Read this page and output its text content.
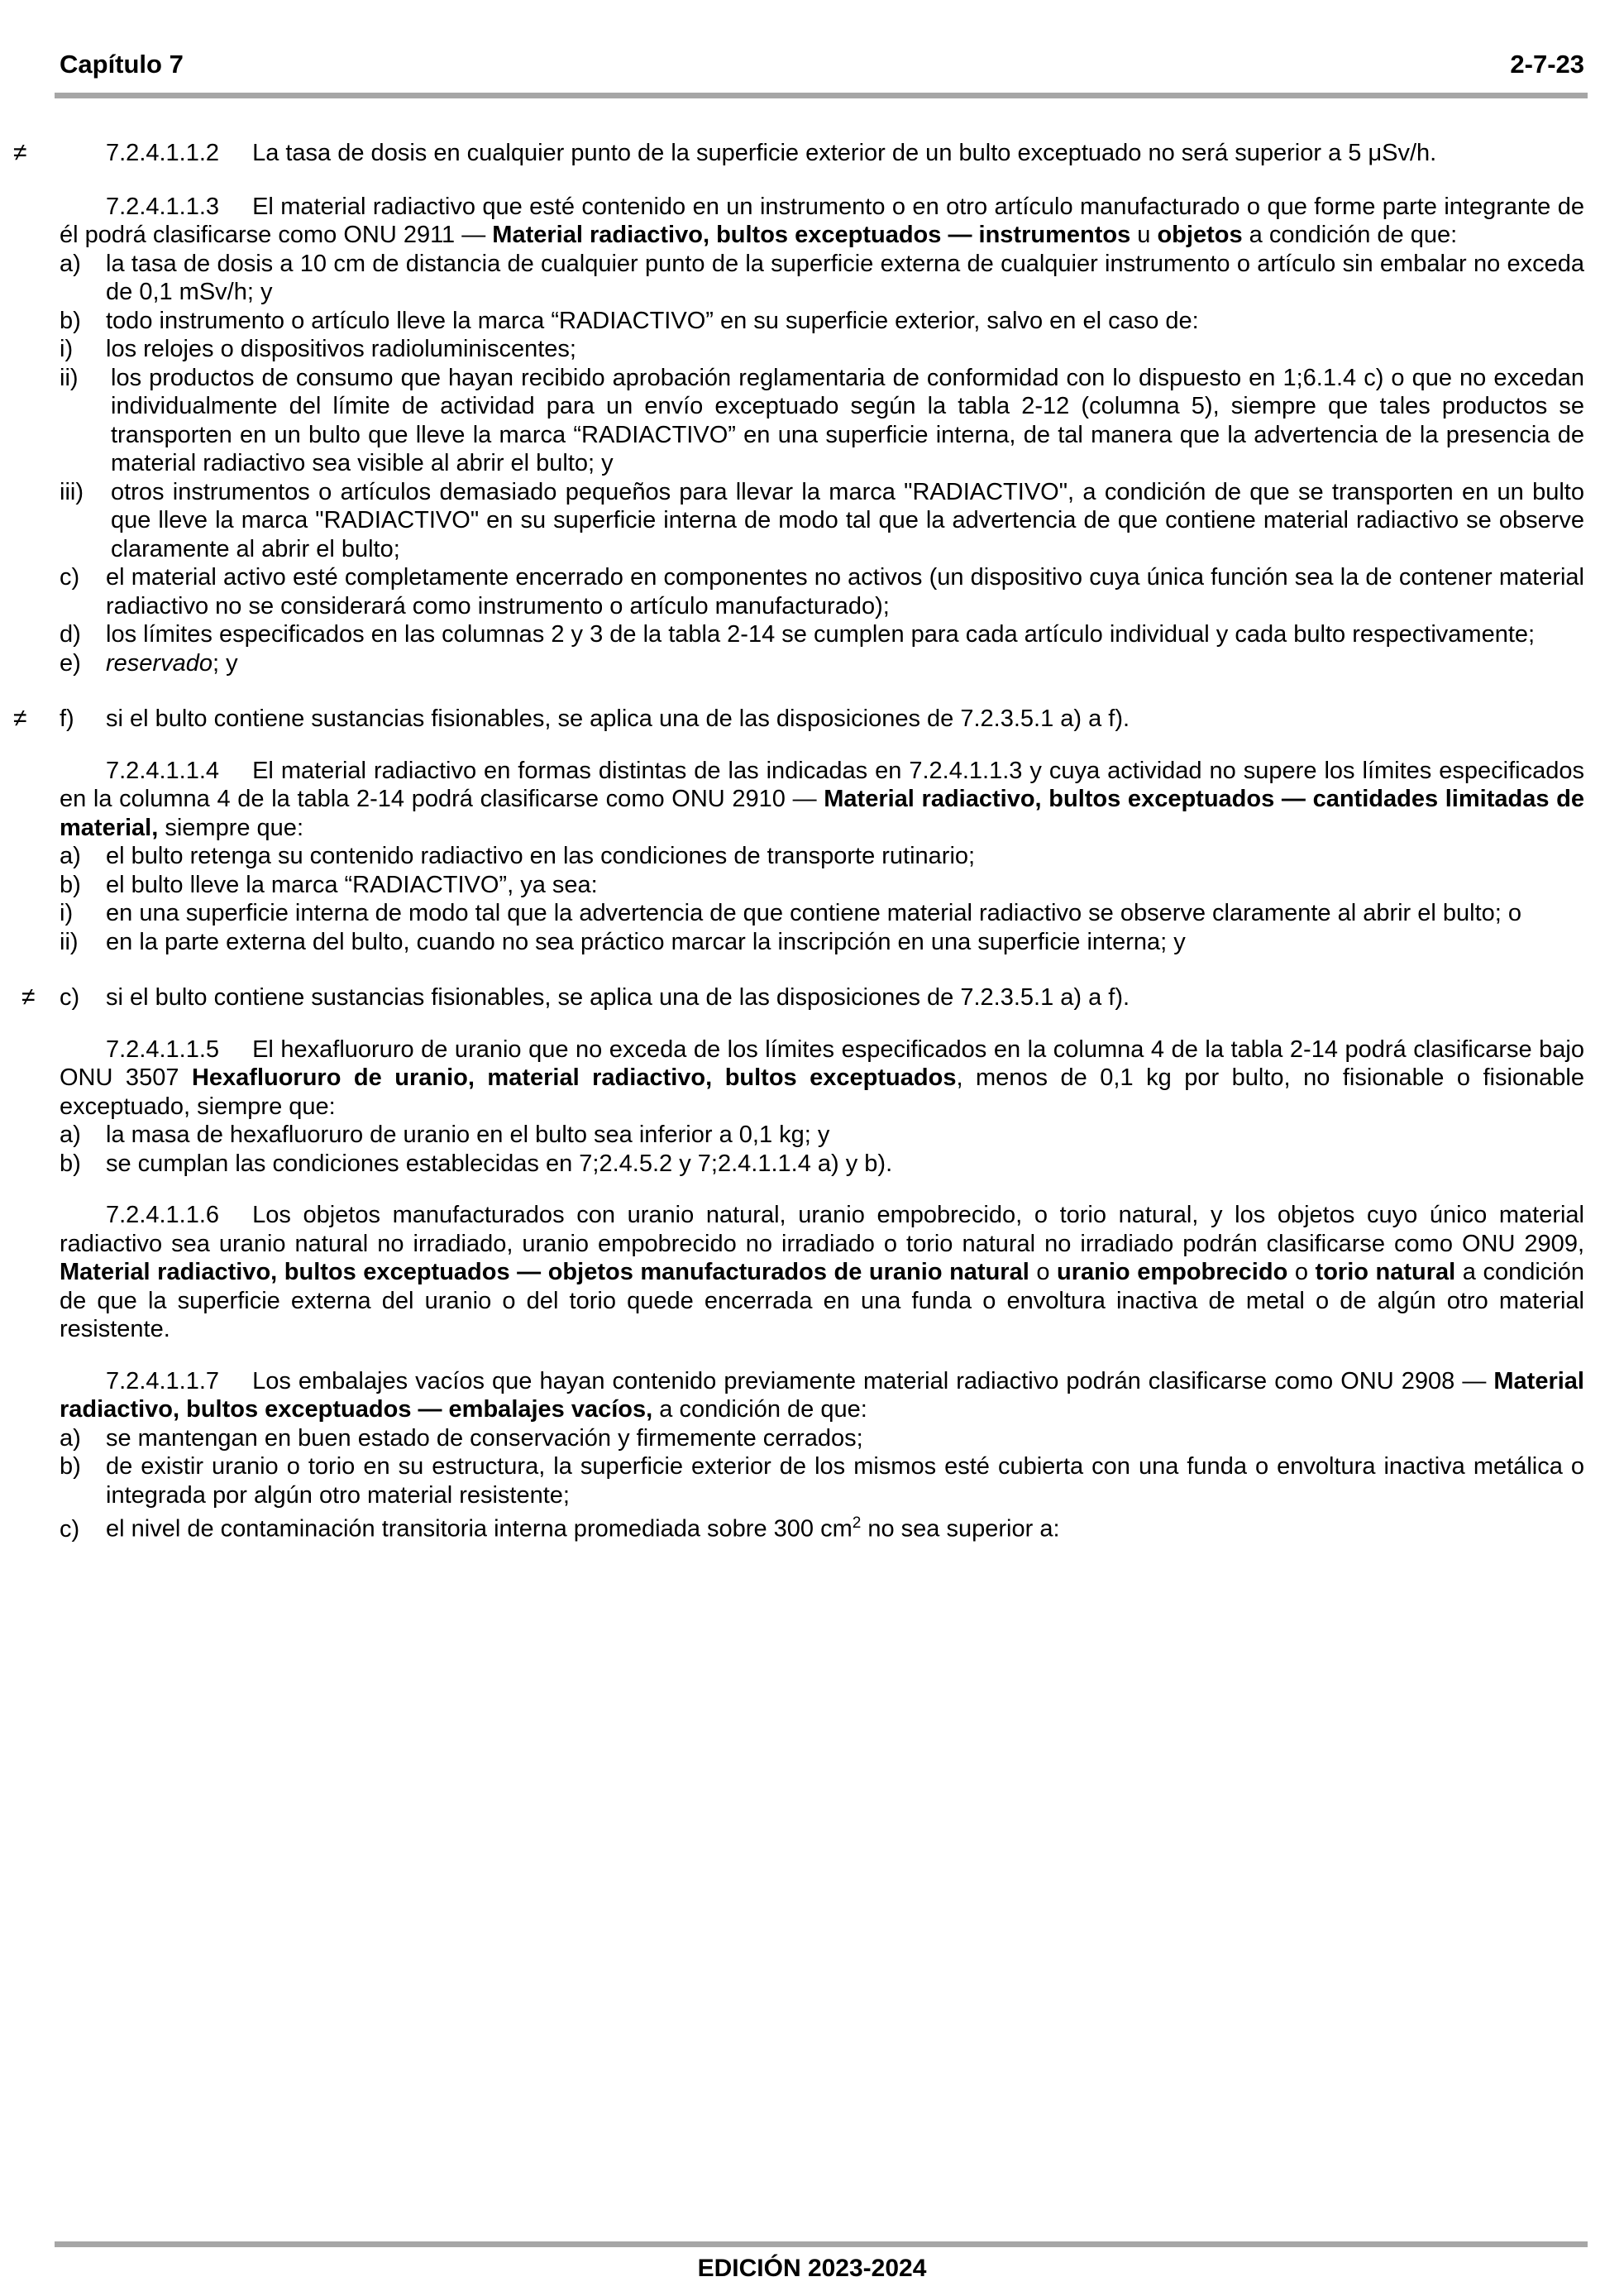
Capítulo 7	2-7-23
≠	7.2.4.1.1.2 La tasa de dosis en cualquier punto de la superficie exterior de un bulto exceptuado no será superior a 5 μSv/h.

7.2.4.1.1.3 El material radiactivo que esté contenido en un instrumento o en otro artículo manufacturado o que forme parte integrante de él podrá clasificarse como ONU 2911 — Material radiactivo, bultos exceptuados — instrumentos u objetos a condición de que:

a) la tasa de dosis a 10 cm de distancia de cualquier punto de la superficie externa de cualquier instrumento o artículo sin embalar no exceda de 0,1 mSv/h; y

b) todo instrumento o artículo lleve la marca “RADIACTIVO” en su superficie exterior, salvo en el caso de:

i) los relojes o dispositivos radioluminiscentes;

ii) los productos de consumo que hayan recibido aprobación reglamentaria de conformidad con lo dispuesto en 1;6.1.4 c) o que no excedan individualmente del límite de actividad para un envío exceptuado según la tabla 2-12 (columna 5), siempre que tales productos se transporten en un bulto que lleve la marca “RADIACTIVO” en una superficie interna, de tal manera que la advertencia de la presencia de material radiactivo sea visible al abrir el bulto; y

iii) otros instrumentos o artículos demasiado pequeños para llevar la marca "RADIACTIVO", a condición de que se transporten en un bulto que lleve la marca "RADIACTIVO" en su superficie interna de modo tal que la advertencia de que contiene material radiactivo se observe claramente al abrir el bulto;

c) el material activo esté completamente encerrado en componentes no activos (un dispositivo cuya única función sea la de contener material radiactivo no se considerará como instrumento o artículo manufacturado);

d) los límites especificados en las columnas 2 y 3 de la tabla 2-14 se cumplen para cada artículo individual y cada bulto respectivamente;

e) reservado; y

≠ f) si el bulto contiene sustancias fisionables, se aplica una de las disposiciones de 7.2.3.5.1 a) a f).

7.2.4.1.1.4 El material radiactivo en formas distintas de las indicadas en 7.2.4.1.1.3 y cuya actividad no supere los límites especificados en la columna 4 de la tabla 2-14 podrá clasificarse como ONU 2910 — Material radiactivo, bultos exceptuados — cantidades limitadas de material, siempre que:

a) el bulto retenga su contenido radiactivo en las condiciones de transporte rutinario;

b) el bulto lleve la marca “RADIACTIVO”, ya sea:

i) en una superficie interna de modo tal que la advertencia de que contiene material radiactivo se observe claramente al abrir el bulto; o

ii) en la parte externa del bulto, cuando no sea práctico marcar la inscripción en una superficie interna; y

≠ c) si el bulto contiene sustancias fisionables, se aplica una de las disposiciones de 7.2.3.5.1 a) a f).

7.2.4.1.1.5 El hexafluoruro de uranio que no exceda de los límites especificados en la columna 4 de la tabla 2-14 podrá clasificarse bajo ONU 3507 Hexafluoruro de uranio, material radiactivo, bultos exceptuados, menos de 0,1 kg por bulto, no fisionable o fisionable exceptuado, siempre que:

a) la masa de hexafluoruro de uranio en el bulto sea inferior a 0,1 kg; y

b) se cumplan las condiciones establecidas en 7;2.4.5.2 y 7;2.4.1.1.4 a) y b).

7.2.4.1.1.6 Los objetos manufacturados con uranio natural, uranio empobrecido, o torio natural, y los objetos cuyo único material radiactivo sea uranio natural no irradiado, uranio empobrecido no irradiado o torio natural no irradiado podrán clasificarse como ONU 2909, Material radiactivo, bultos exceptuados — objetos manufacturados de uranio natural o uranio empobrecido o torio natural a condición de que la superficie externa del uranio o del torio quede encerrada en una funda o envoltura inactiva de metal o de algún otro material resistente.

7.2.4.1.1.7 Los embalajes vacíos que hayan contenido previamente material radiactivo podrán clasificarse como ONU 2908 — Material radiactivo, bultos exceptuados — embalajes vacíos, a condición de que:

a) se mantengan en buen estado de conservación y firmemente cerrados;

b) de existir uranio o torio en su estructura, la superficie exterior de los mismos esté cubierta con una funda o envoltura inactiva metálica o integrada por algún otro material resistente;

c) el nivel de contaminación transitoria interna promediada sobre 300 $cm^2$ no sea superior a:

EDICIÓN 2023-2024
